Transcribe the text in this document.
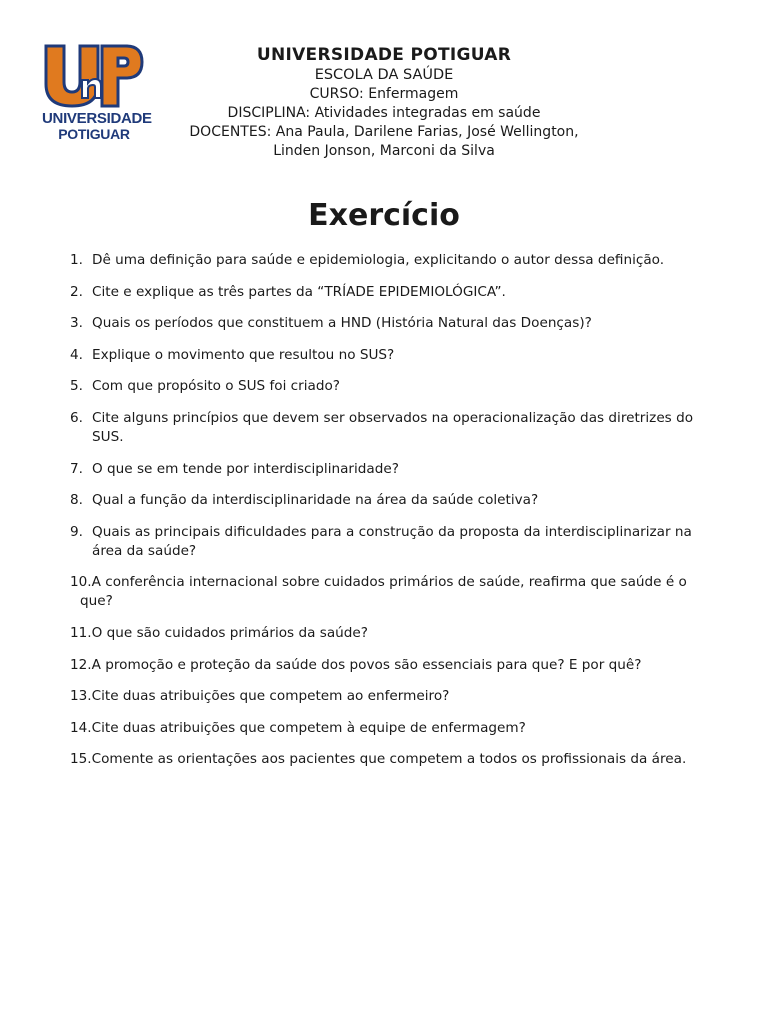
UNIVERSIDADE
POTIGUAR
UNIVERSIDADE POTIGUAR
ESCOLA DA SAÚDE
CURSO: Enfermagem
DISCIPLINA: Atividades integradas em saúde
DOCENTES: Ana Paula, Darilene Farias, José Wellington,
Linden Jonson, Marconi da Silva
Exercício
1. Dê uma definição para saúde e epidemiologia, explicitando o autor dessa definição.
2. Cite e explique as três partes da “TRÍADE EPIDEMIOLÓGICA”.
3. Quais os períodos que constituem a HND (História Natural das Doenças)?
4. Explique o movimento que resultou no SUS?
5. Com que propósito o SUS foi criado?
6. Cite alguns princípios que devem ser observados na operacionalização das diretrizes do SUS.
7. O que se em tende por interdisciplinaridade?
8. Qual a função da interdisciplinaridade na área da saúde coletiva?
9. Quais as principais dificuldades para a construção da proposta da interdisciplinarizar na área da saúde?
10.A conferência internacional sobre cuidados primários de saúde, reafirma que saúde é o que?
11.O que são cuidados primários da saúde?
12.A promoção e proteção da saúde dos povos são essenciais para que? E por quê?
13.Cite duas atribuições que competem ao enfermeiro?
14.Cite duas atribuições que competem à equipe de enfermagem?
15.Comente as orientações aos pacientes que competem a todos os profissionais da área.
